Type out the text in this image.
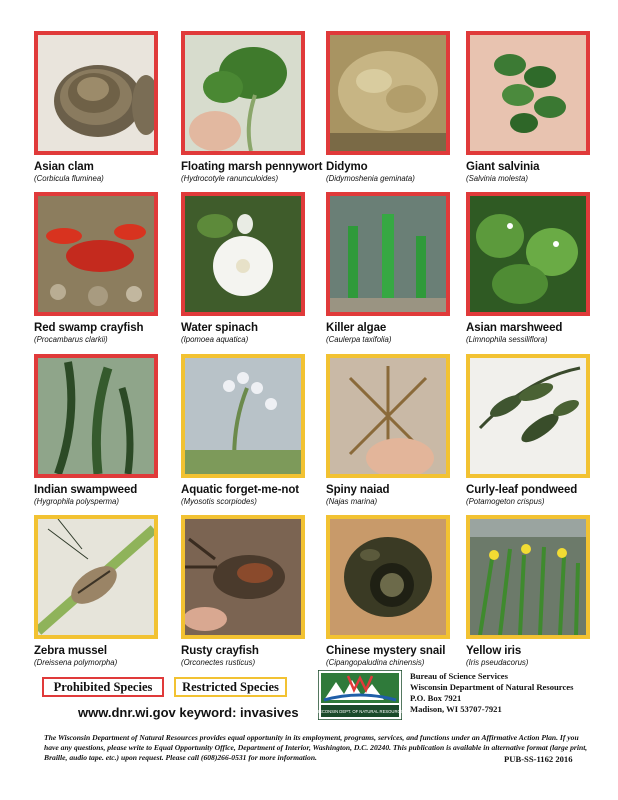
Asian clam
(Corbicula fluminea)
Floating marsh pennywort
(Hydrocotyle ranunculoides)
Didymo
(Didymoshenia geminata)
Giant salvinia
(Salvinia molesta)
Red swamp crayfish
(Procambarus clarkii)
Water spinach
(Ipomoea aquatica)
Killer algae
(Caulerpa taxifolia)
Asian marshweed
(Limnophila sessiliflora)
Indian swampweed
(Hygrophila polysperma)
Aquatic forget-me-not
(Myosotis scorpiodes)
Spiny naiad
(Najas marina)
Curly-leaf pondweed
(Potamogeton crispus)
Zebra mussel
(Dreissena polymorpha)
Rusty crayfish
(Orconectes rusticus)
Chinese mystery snail
(Cipangopaludina chinensis)
Yellow iris
(Iris pseudacorus)
Prohibited Species	Restricted Species
www.dnr.wi.gov keyword: invasives	WISCONSIN DEPT. OF NATURAL RESOURCES
Bureau of Science Services
Wisconsin Department of Natural Resources
P.O. Box 7921
Madison, WI 53707-7921
The Wisconsin Department of Natural Resources provides equal opportunity in its employment, programs, services, and functions under an Affirmative Action Plan. If you have any questions, please write to Equal Opportunity Office, Department of Interior, Washington, D.C. 20240. This publication is available in alternative format (large print, Braille, audio tape. etc.) upon request. Please call (608)266-0531 for more information.	PUB-SS-1162 2016
